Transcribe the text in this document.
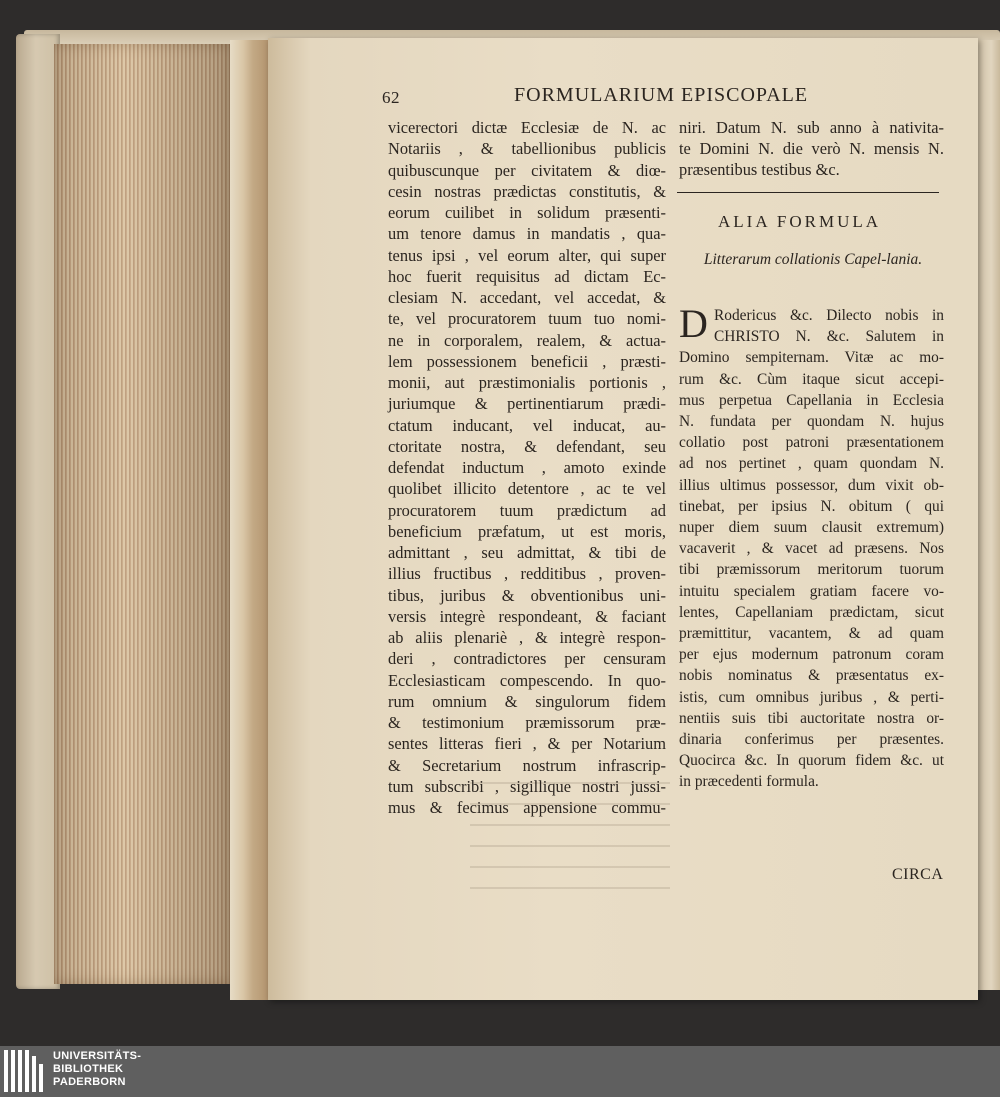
62	FORMULARIUM EPISCOPALE
vicerectori dictæ Ecclesiæ de N. ac
Notariis , & tabellionibus publicis
quibuscunque per civitatem & diœ-
cesin nostras prædictas constitutis, &
eorum cuilibet in solidum præsenti-
um tenore damus in mandatis , qua-
tenus ipsi , vel eorum alter, qui super
hoc fuerit requisitus ad dictam Ec-
clesiam N. accedant, vel accedat, &
te, vel procuratorem tuum tuo nomi-
ne in corporalem, realem, & actua-
lem possessionem beneficii , præsti-
monii, aut præstimonialis portionis ,
juriumque & pertinentiarum prædi-
ctatum inducant, vel inducat, au-
ctoritate nostra, & defendant, seu
defendat inductum , amoto exinde
quolibet illicito detentore , ac te vel
procuratorem tuum prædictum ad
beneficium præfatum, ut est moris,
admittant , seu admittat, & tibi de
illius fructibus , redditibus , proven-
tibus, juribus & obventionibus uni-
versis integrè respondeant, & faciant
ab aliis plenariè , & integrè respon-
deri , contradictores per censuram
Ecclesiasticam compescendo. In quo-
rum omnium & singulorum fidem
& testimonium præmissorum præ-
sentes litteras fieri , & per Notarium
& Secretarium nostrum infrascrip-
tum subscribi , sigillique nostri jussi-
mus & fecimus appensione commu-
niri. Datum N. sub anno à nativita-
te Domini N. die verò N. mensis N.
præsentibus testibus &c.
ALIA FORMULA
Litterarum collationis Capel-lania.
D Rodericus &c. Dilecto nobis in
CHRISTO N. &c. Salutem in
Domino sempiternam. Vitæ ac mo-
rum &c. Cùm itaque sicut accepi-
mus perpetua Capellania in Ecclesia
N. fundata per quondam N. hujus
collatio post patroni præsentationem
ad nos pertinet , quam quondam N.
illius ultimus possessor, dum vixit ob-
tinebat, per ipsius N. obitum ( qui
nuper diem suum clausit extremum)
vacaverit , & vacet ad præsens. Nos
tibi præmissorum meritorum tuorum
intuitu specialem gratiam facere vo-
lentes, Capellaniam prædictam, sicut
præmittitur, vacantem, & ad quam
per ejus modernum patronum coram
nobis nominatus & præsentatus ex-
istis, cum omnibus juribus , & perti-
nentiis suis tibi auctoritate nostra or-
dinaria conferimus per præsentes.
Quocirca &c. In quorum fidem &c. ut
in præcedenti formula.
CIRCA
UNIVERSITÄTS-
BIBLIOTHEK
PADERBORN
